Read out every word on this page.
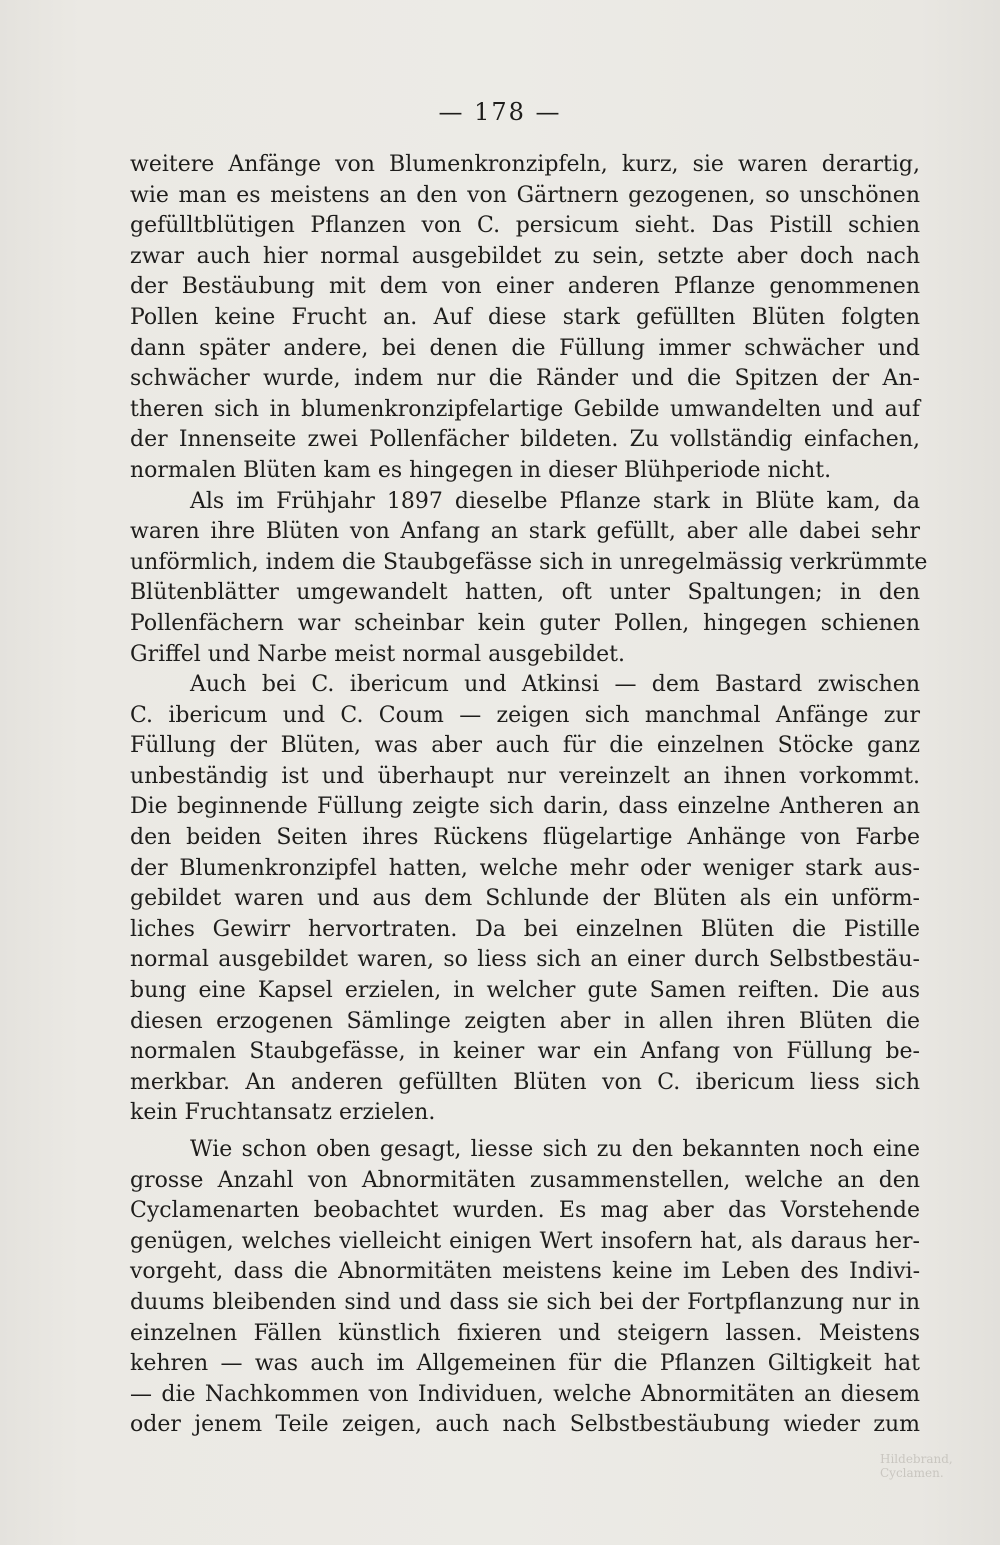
— 178 —
weitere Anfänge von Blumenkronzipfeln, kurz, sie waren derartig,
wie man es meistens an den von Gärtnern gezogenen, so unschönen
gefülltblütigen Pflanzen von C. persicum sieht. Das Pistill schien
zwar auch hier normal ausgebildet zu sein, setzte aber doch nach
der Bestäubung mit dem von einer anderen Pflanze genommenen
Pollen keine Frucht an. Auf diese stark gefüllten Blüten folgten
dann später andere, bei denen die Füllung immer schwächer und
schwächer wurde, indem nur die Ränder und die Spitzen der An-
theren sich in blumenkronzipfelartige Gebilde umwandelten und auf
der Innenseite zwei Pollenfächer bildeten. Zu vollständig einfachen,
normalen Blüten kam es hingegen in dieser Blühperiode nicht.
Als im Frühjahr 1897 dieselbe Pflanze stark in Blüte kam, da
waren ihre Blüten von Anfang an stark gefüllt, aber alle dabei sehr
unförmlich, indem die Staubgefässe sich in unregelmässig verkrümmte
Blütenblätter umgewandelt hatten, oft unter Spaltungen; in den
Pollenfächern war scheinbar kein guter Pollen, hingegen schienen
Griffel und Narbe meist normal ausgebildet.
Auch bei C. ibericum und Atkinsi — dem Bastard zwischen
C. ibericum und C. Coum — zeigen sich manchmal Anfänge zur
Füllung der Blüten, was aber auch für die einzelnen Stöcke ganz
unbeständig ist und überhaupt nur vereinzelt an ihnen vorkommt.
Die beginnende Füllung zeigte sich darin, dass einzelne Antheren an
den beiden Seiten ihres Rückens flügelartige Anhänge von Farbe
der Blumenkronzipfel hatten, welche mehr oder weniger stark aus-
gebildet waren und aus dem Schlunde der Blüten als ein unförm-
liches Gewirr hervortraten. Da bei einzelnen Blüten die Pistille
normal ausgebildet waren, so liess sich an einer durch Selbstbestäu-
bung eine Kapsel erzielen, in welcher gute Samen reiften. Die aus
diesen erzogenen Sämlinge zeigten aber in allen ihren Blüten die
normalen Staubgefässe, in keiner war ein Anfang von Füllung be-
merkbar. An anderen gefüllten Blüten von C. ibericum liess sich
kein Fruchtansatz erzielen.
Wie schon oben gesagt, liesse sich zu den bekannten noch eine
grosse Anzahl von Abnormitäten zusammenstellen, welche an den
Cyclamenarten beobachtet wurden. Es mag aber das Vorstehende
genügen, welches vielleicht einigen Wert insofern hat, als daraus her-
vorgeht, dass die Abnormitäten meistens keine im Leben des Indivi-
duums bleibenden sind und dass sie sich bei der Fortpflanzung nur in
einzelnen Fällen künstlich fixieren und steigern lassen. Meistens
kehren — was auch im Allgemeinen für die Pflanzen Giltigkeit hat
— die Nachkommen von Individuen, welche Abnormitäten an diesem
oder jenem Teile zeigen, auch nach Selbstbestäubung wieder zum
Hildebrand, Cyclamen.
